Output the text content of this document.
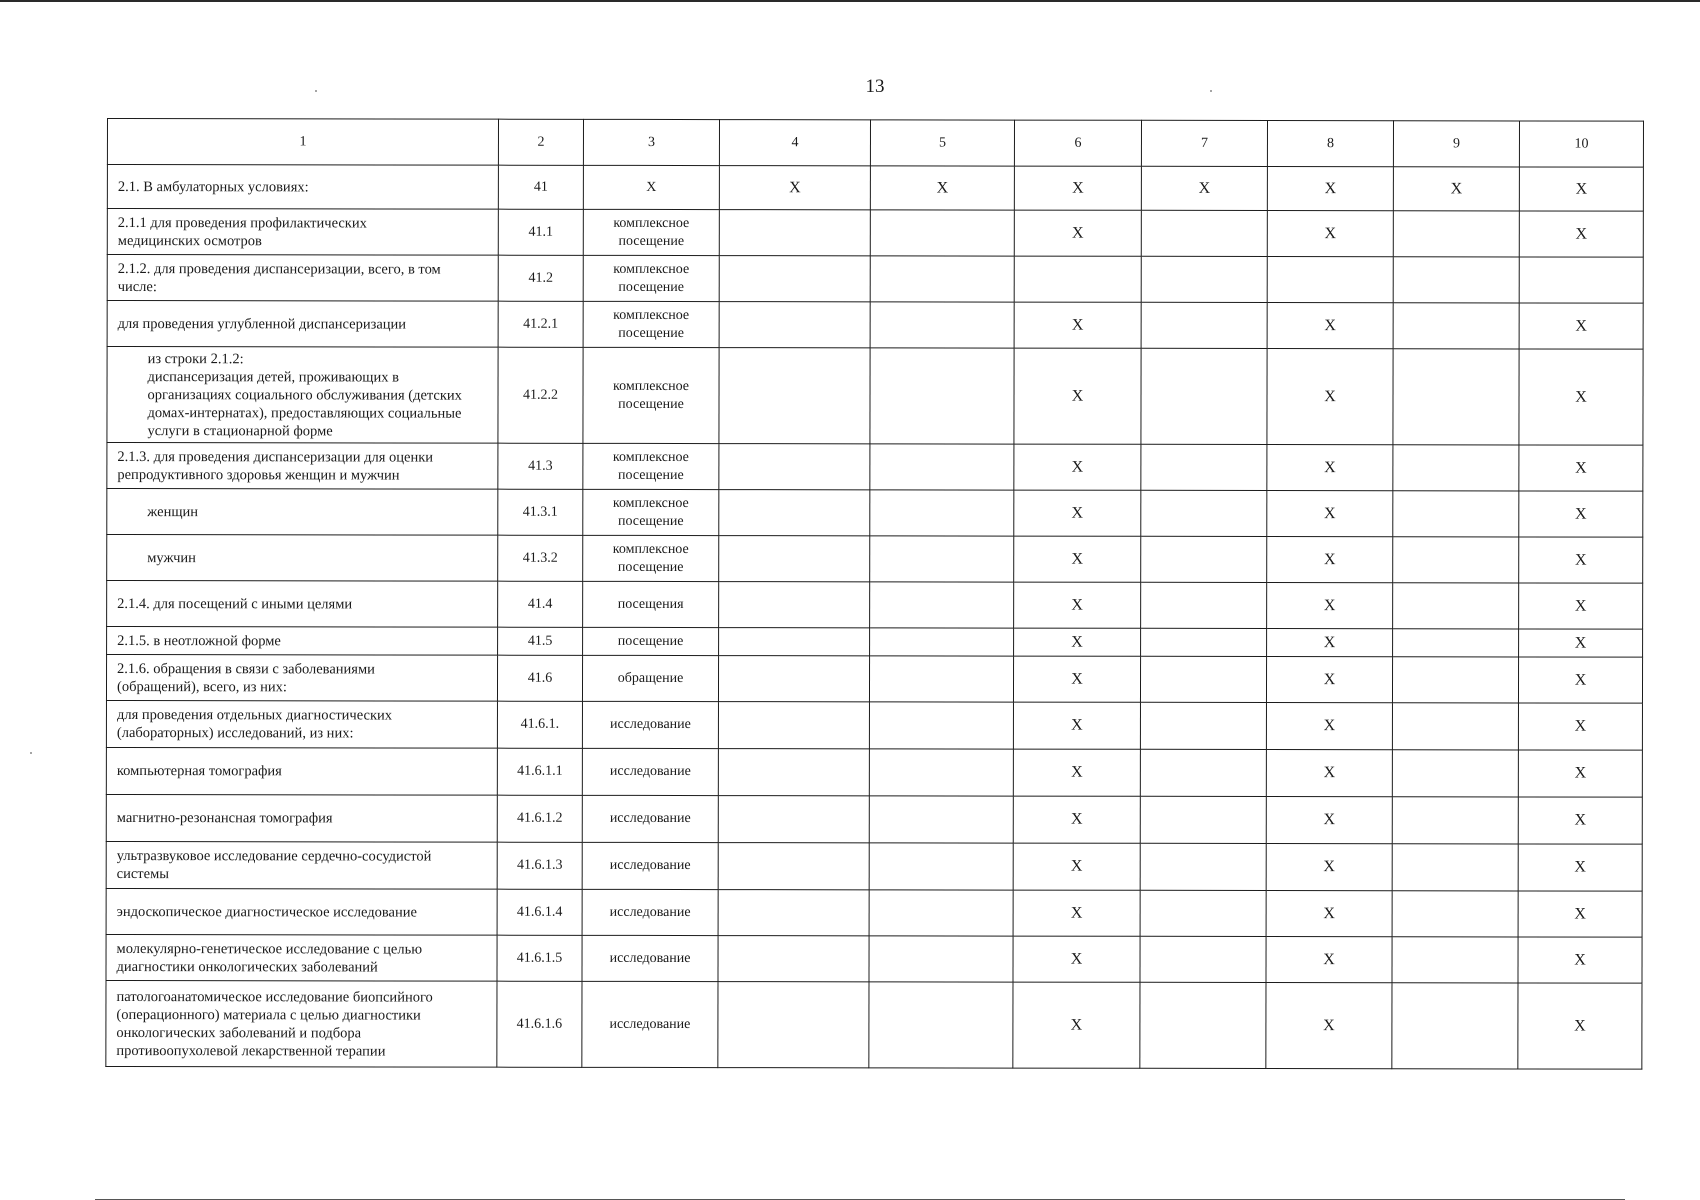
13
1	2	3	4	5	6	7	8	9	10
2.1. В амбулаторных условиях:	41	Х	Х	Х	Х	Х	Х	Х	Х
2.1.1 для проведения профилактических
медицинских осмотров	41.1	комплексное посещение			Х		Х		Х
2.1.2. для проведения диспансеризации, всего, в том
числе:	41.2	комплексное посещение							
для проведения углубленной диспансеризации	41.2.1	комплексное посещение			Х		Х		Х
из строки 2.1.2:
диспансеризация детей, проживающих в
организациях социального обслуживания (детских
домах-интернатах), предоставляющих социальные
услуги в стационарной форме	41.2.2	комплексное посещение			Х		Х		Х
2.1.3. для проведения диспансеризации для оценки
репродуктивного здоровья женщин и мужчин	41.3	комплексное посещение			Х		Х		Х
женщин	41.3.1	комплексное посещение			Х		Х		Х
мужчин	41.3.2	комплексное посещение			Х		Х		Х
2.1.4. для посещений с иными целями	41.4	посещения			Х		Х		Х
2.1.5. в неотложной форме	41.5	посещение			Х		Х		Х
2.1.6. обращения в связи с заболеваниями
(обращений), всего, из них:	41.6	обращение			Х		Х		Х
для проведения отдельных диагностических
(лабораторных) исследований, из них:	41.6.1.	исследование			Х		Х		Х
компьютерная томография	41.6.1.1	исследование			Х		Х		Х
магнитно-резонансная томография	41.6.1.2	исследование			Х		Х		Х
ультразвуковое исследование сердечно-сосудистой
системы	41.6.1.3	исследование			Х		Х		Х
эндоскопическое диагностическое исследование	41.6.1.4	исследование			Х		Х		Х
молекулярно-генетическое исследование с целью
диагностики онкологических заболеваний	41.6.1.5	исследование			Х		Х		Х
патологоанатомическое исследование биопсийного
(операционного) материала с целью диагностики
онкологических заболеваний и подбора
противоопухолевой лекарственной терапии	41.6.1.6	исследование			Х		Х		Х
